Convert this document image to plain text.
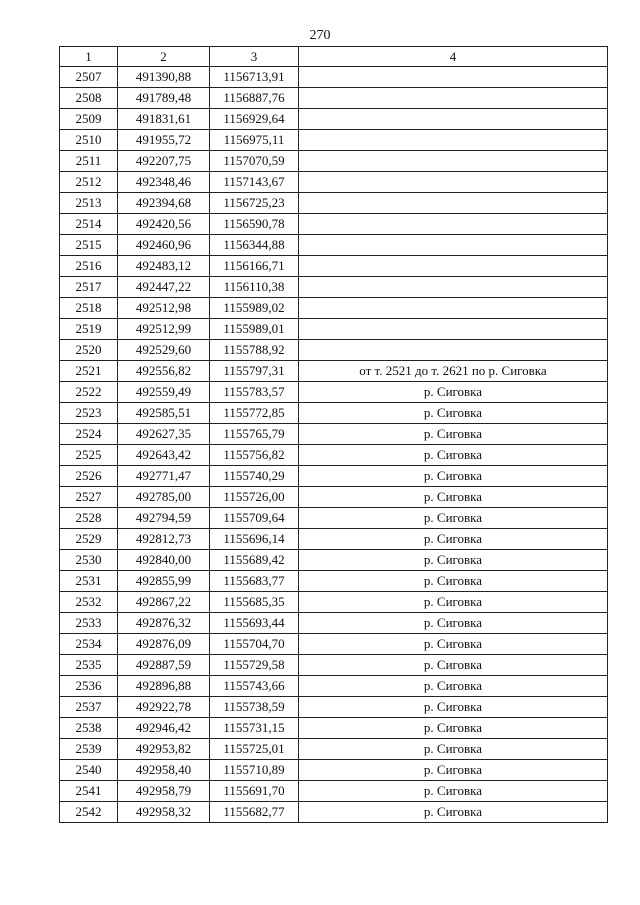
270
1	2	3	4
2507	491390,88	1156713,91	
2508	491789,48	1156887,76	
2509	491831,61	1156929,64	
2510	491955,72	1156975,11	
2511	492207,75	1157070,59	
2512	492348,46	1157143,67	
2513	492394,68	1156725,23	
2514	492420,56	1156590,78	
2515	492460,96	1156344,88	
2516	492483,12	1156166,71	
2517	492447,22	1156110,38	
2518	492512,98	1155989,02	
2519	492512,99	1155989,01	
2520	492529,60	1155788,92	
2521	492556,82	1155797,31	от т. 2521 до т. 2621 по р. Сиговка
2522	492559,49	1155783,57	р. Сиговка
2523	492585,51	1155772,85	р. Сиговка
2524	492627,35	1155765,79	р. Сиговка
2525	492643,42	1155756,82	р. Сиговка
2526	492771,47	1155740,29	р. Сиговка
2527	492785,00	1155726,00	р. Сиговка
2528	492794,59	1155709,64	р. Сиговка
2529	492812,73	1155696,14	р. Сиговка
2530	492840,00	1155689,42	р. Сиговка
2531	492855,99	1155683,77	р. Сиговка
2532	492867,22	1155685,35	р. Сиговка
2533	492876,32	1155693,44	р. Сиговка
2534	492876,09	1155704,70	р. Сиговка
2535	492887,59	1155729,58	р. Сиговка
2536	492896,88	1155743,66	р. Сиговка
2537	492922,78	1155738,59	р. Сиговка
2538	492946,42	1155731,15	р. Сиговка
2539	492953,82	1155725,01	р. Сиговка
2540	492958,40	1155710,89	р. Сиговка
2541	492958,79	1155691,70	р. Сиговка
2542	492958,32	1155682,77	р. Сиговка
